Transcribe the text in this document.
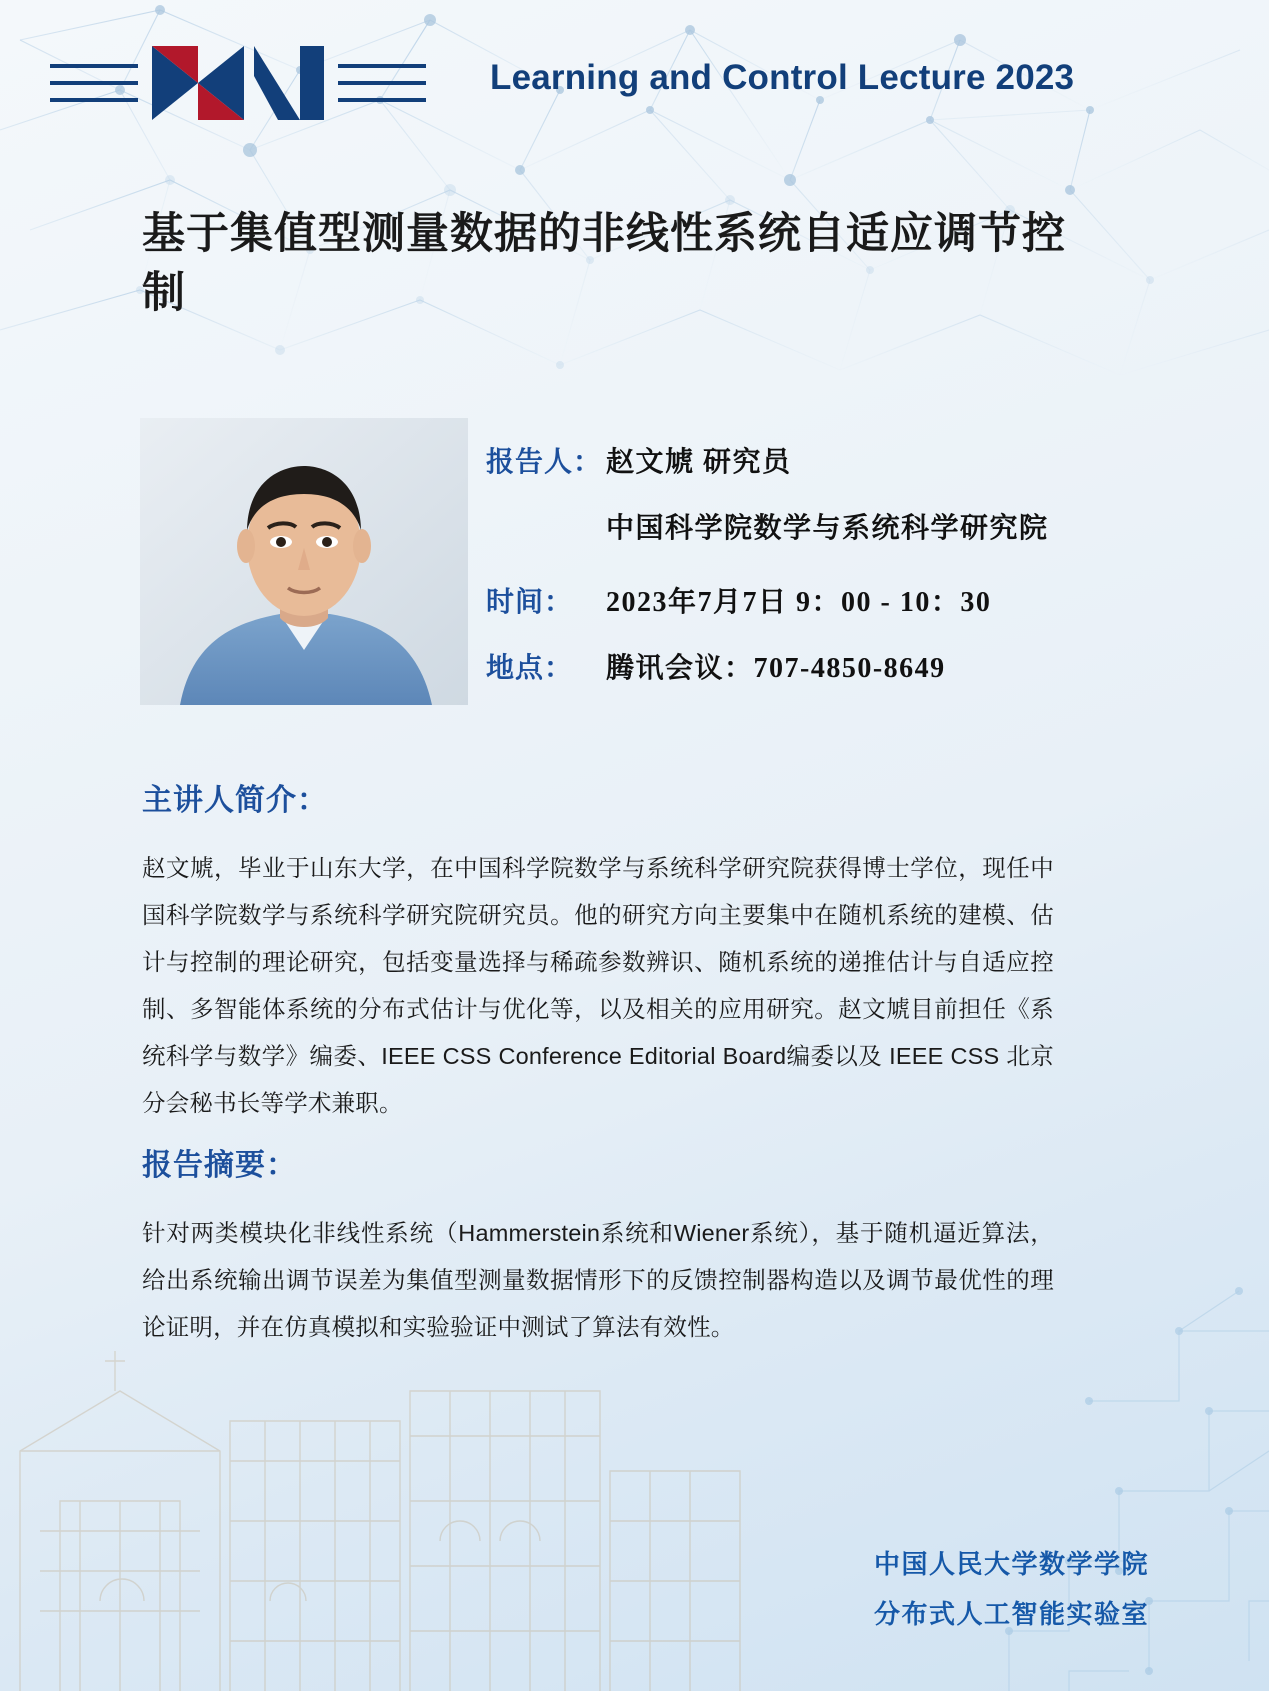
Learning and Control Lecture 2023
基于集值型测量数据的非线性系统自适应调节控制
报告人： 赵文虓 研究员
中国科学院数学与系统科学研究院
时间：	2023年7月7日 9：00 - 10：30
地点：	腾讯会议：707-4850-8649
主讲人简介：
赵文虓，毕业于山东大学，在中国科学院数学与系统科学研究院获得博士学位，现任中国科学院数学与系统科学研究院研究员。他的研究方向主要集中在随机系统的建模、估计与控制的理论研究，包括变量选择与稀疏参数辨识、随机系统的递推估计与自适应控制、多智能体系统的分布式估计与优化等，以及相关的应用研究。赵文虓目前担任《系统科学与数学》编委、IEEE CSS Conference Editorial Board编委以及 IEEE CSS 北京分会秘书长等学术兼职。
报告摘要：
针对两类模块化非线性系统（Hammerstein系统和Wiener系统），基于随机逼近算法，给出系统输出调节误差为集值型测量数据情形下的反馈控制器构造以及调节最优性的理论证明，并在仿真模拟和实验验证中测试了算法有效性。
中国人民大学数学学院
分布式人工智能实验室
